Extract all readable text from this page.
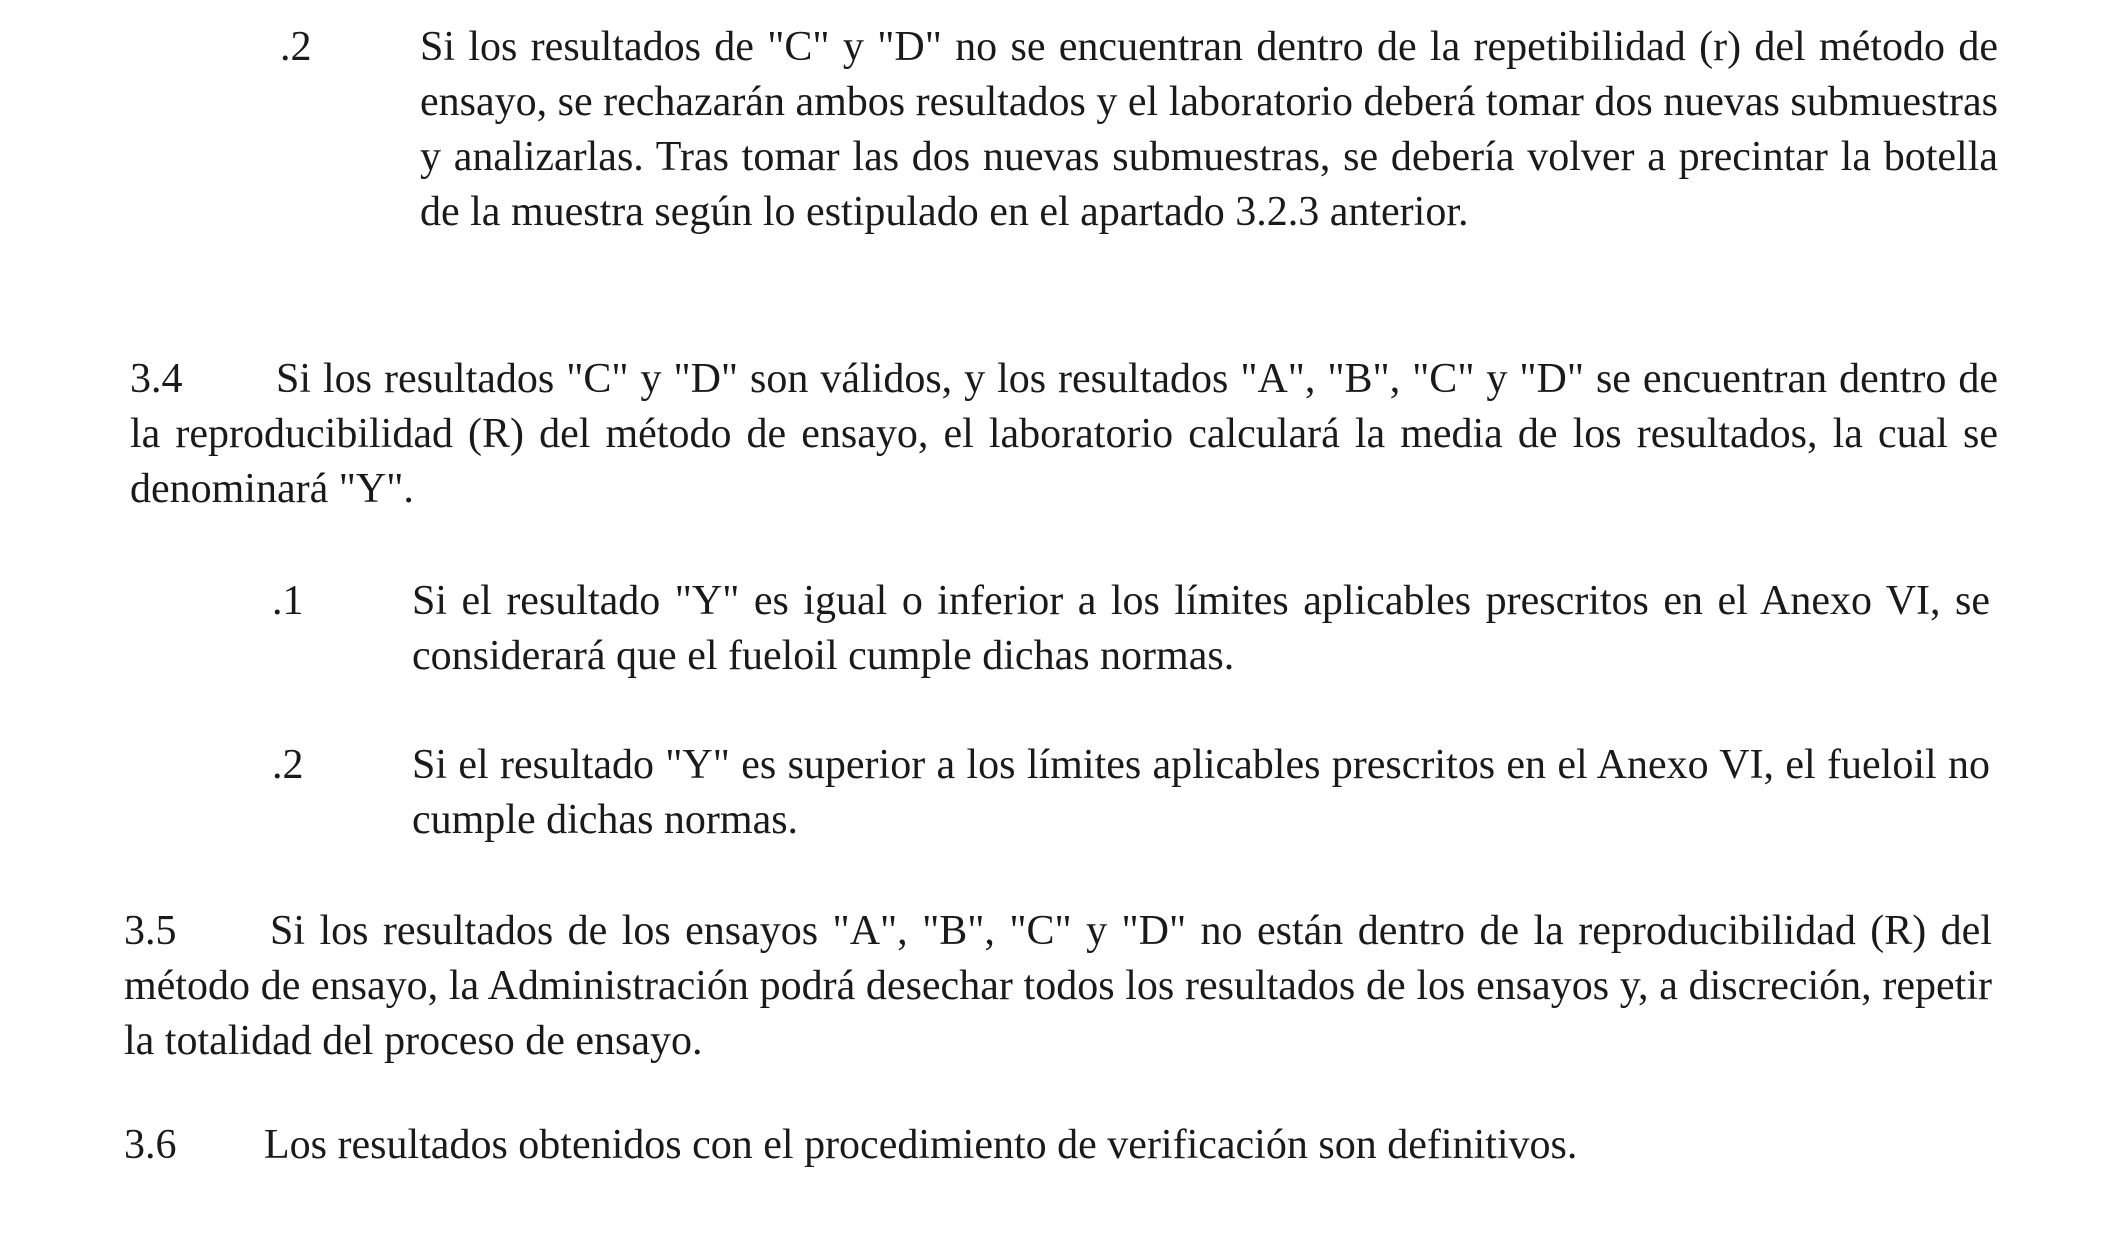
.2	Si los resultados de "C" y "D" no se encuentran dentro de la repetibilidad (r) del método de ensayo, se rechazarán ambos resultados y el laboratorio deberá tomar dos nuevas submuestras y analizarlas. Tras tomar las dos nuevas submuestras, se debería volver a precintar la botella de la muestra según lo estipulado en el apartado 3.2.3 anterior.

3.4 Si los resultados "C" y "D" son válidos, y los resultados "A", "B", "C" y "D" se encuentran dentro de la reproducibilidad (R) del método de ensayo, el laboratorio calculará la media de los resultados, la cual se denominará "Y".

.1	Si el resultado "Y" es igual o inferior a los límites aplicables prescritos en el Anexo VI, se considerará que el fueloil cumple dichas normas.

.2	Si el resultado "Y" es superior a los límites aplicables prescritos en el Anexo VI, el fueloil no cumple dichas normas.

3.5 Si los resultados de los ensayos "A", "B", "C" y "D" no están dentro de la reproducibilidad (R) del método de ensayo, la Administración podrá desechar todos los resultados de los ensayos y, a discreción, repetir la totalidad del proceso de ensayo.

3.6 Los resultados obtenidos con el procedimiento de verificación son definitivos.
